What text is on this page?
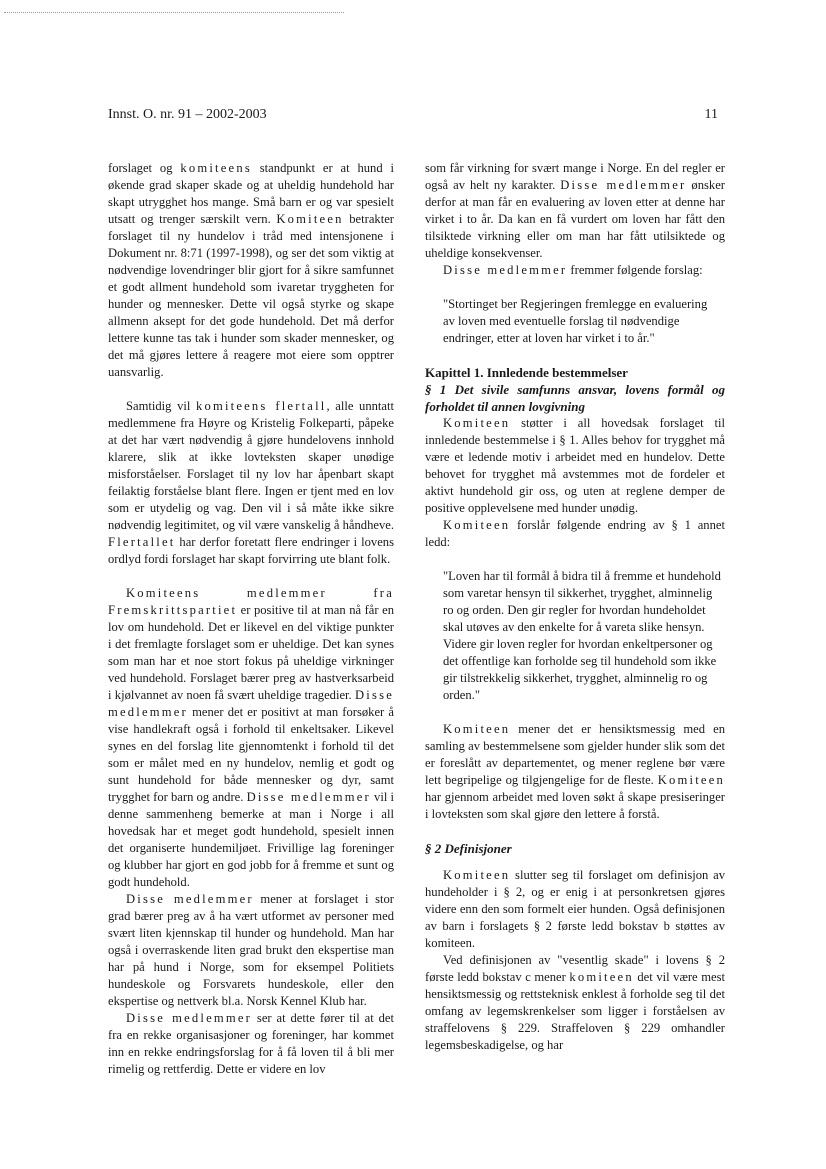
Innst. O. nr. 91 – 2002-2003	11

forslaget og komiteens standpunkt er at hund i økende grad skaper skade og at uheldig hundehold har skapt utrygghet hos mange. Små barn er og var spesielt utsatt og trenger særskilt vern. Komiteen betrakter forslaget til ny hundelov i tråd med intensjonene i Dokument nr. 8:71 (1997-1998), og ser det som viktig at nødvendige lovendringer blir gjort for å sikre samfunnet et godt allment hundehold som ivaretar tryggheten for hunder og mennesker. Dette vil også styrke og skape allmenn aksept for det gode hundehold. Det må derfor lettere kunne tas tak i hunder som skader mennesker, og det må gjøres lettere å reagere mot eiere som opptrer uansvarlig.

Samtidig vil komiteens flertall, alle unntatt medlemmene fra Høyre og Kristelig Folkeparti, påpeke at det har vært nødvendig å gjøre hundelovens innhold klarere, slik at ikke lovteksten skaper unødige misforståelser. Forslaget til ny lov har åpenbart skapt feilaktig forståelse blant flere. Ingen er tjent med en lov som er utydelig og vag. Den vil i så måte ikke sikre nødvendig legitimitet, og vil være vanskelig å håndheve. Flertallet har derfor foretatt flere endringer i lovens ordlyd fordi forslaget har skapt forvirring ute blant folk.

Komiteens medlemmer fra Fremskrittspartiet er positive til at man nå får en lov om hundehold. Det er likevel en del viktige punkter i det fremlagte forslaget som er uheldige. Det kan synes som man har et noe stort fokus på uheldige virkninger ved hundehold. Forslaget bærer preg av hastverksarbeid i kjølvannet av noen få svært uheldige tragedier. Disse medlemmer mener det er positivt at man forsøker å vise handlekraft også i forhold til enkeltsaker. Likevel synes en del forslag lite gjennomtenkt i forhold til det som er målet med en ny hundelov, nemlig et godt og sunt hundehold for både mennesker og dyr, samt trygghet for barn og andre. Disse medlemmer vil i denne sammenheng bemerke at man i Norge i all hovedsak har et meget godt hundehold, spesielt innen det organiserte hundemiljøet. Frivillige lag foreninger og klubber har gjort en god jobb for å fremme et sunt og godt hundehold.

Disse medlemmer mener at forslaget i stor grad bærer preg av å ha vært utformet av personer med svært liten kjennskap til hunder og hundehold. Man har også i overraskende liten grad brukt den ekspertise man har på hund i Norge, som for eksempel Politiets hundeskole og Forsvarets hundeskole, eller den ekspertise og nettverk bl.a. Norsk Kennel Klub har.

Disse medlemmer ser at dette fører til at det fra en rekke organisasjoner og foreninger, har kommet inn en rekke endringsforslag for å få loven til å bli mer rimelig og rettferdig. Dette er videre en lov

som får virkning for svært mange i Norge. En del regler er også av helt ny karakter. Disse medlemmer ønsker derfor at man får en evaluering av loven etter at denne har virket i to år. Da kan en få vurdert om loven har fått den tilsiktede virkning eller om man har fått utilsiktede og uheldige konsekvenser.

Disse medlemmer fremmer følgende forslag:

"Stortinget ber Regjeringen fremlegge en evaluering av loven med eventuelle forslag til nødvendige endringer, etter at loven har virket i to år."

Kapittel 1. Innledende bestemmelser

§ 1 Det sivile samfunns ansvar, lovens formål og forholdet til annen lovgivning

Komiteen støtter i all hovedsak forslaget til innledende bestemmelse i § 1. Alles behov for trygghet må være et ledende motiv i arbeidet med en hundelov. Dette behovet for trygghet må avstemmes mot de fordeler et aktivt hundehold gir oss, og uten at reglene demper de positive opplevelsene med hunder unødig.

Komiteen forslår følgende endring av § 1 annet ledd:

"Loven har til formål å bidra til å fremme et hundehold som varetar hensyn til sikkerhet, trygghet, alminnelig ro og orden. Den gir regler for hvordan hundeholdet skal utøves av den enkelte for å vareta slike hensyn. Videre gir loven regler for hvordan enkeltpersoner og det offentlige kan forholde seg til hundehold som ikke gir tilstrekkelig sikkerhet, trygghet, alminnelig ro og orden."

Komiteen mener det er hensiktsmessig med en samling av bestemmelsene som gjelder hunder slik som det er foreslått av departementet, og mener reglene bør være lett begripelige og tilgjengelige for de fleste. Komiteen har gjennom arbeidet med loven søkt å skape presiseringer i lovteksten som skal gjøre den lettere å forstå.

§ 2 Definisjoner

Komiteen slutter seg til forslaget om definisjon av hundeholder i § 2, og er enig i at personkretsen gjøres videre enn den som formelt eier hunden. Også definisjonen av barn i forslagets § 2 første ledd bokstav b støttes av komiteen.

Ved definisjonen av "vesentlig skade" i lovens § 2 første ledd bokstav c mener komiteen det vil være mest hensiktsmessig og rettsteknisk enklest å forholde seg til det omfang av legemskrenkelser som ligger i forståelsen av straffelovens § 229. Straffeloven § 229 omhandler legemsbeskadigelse, og har
